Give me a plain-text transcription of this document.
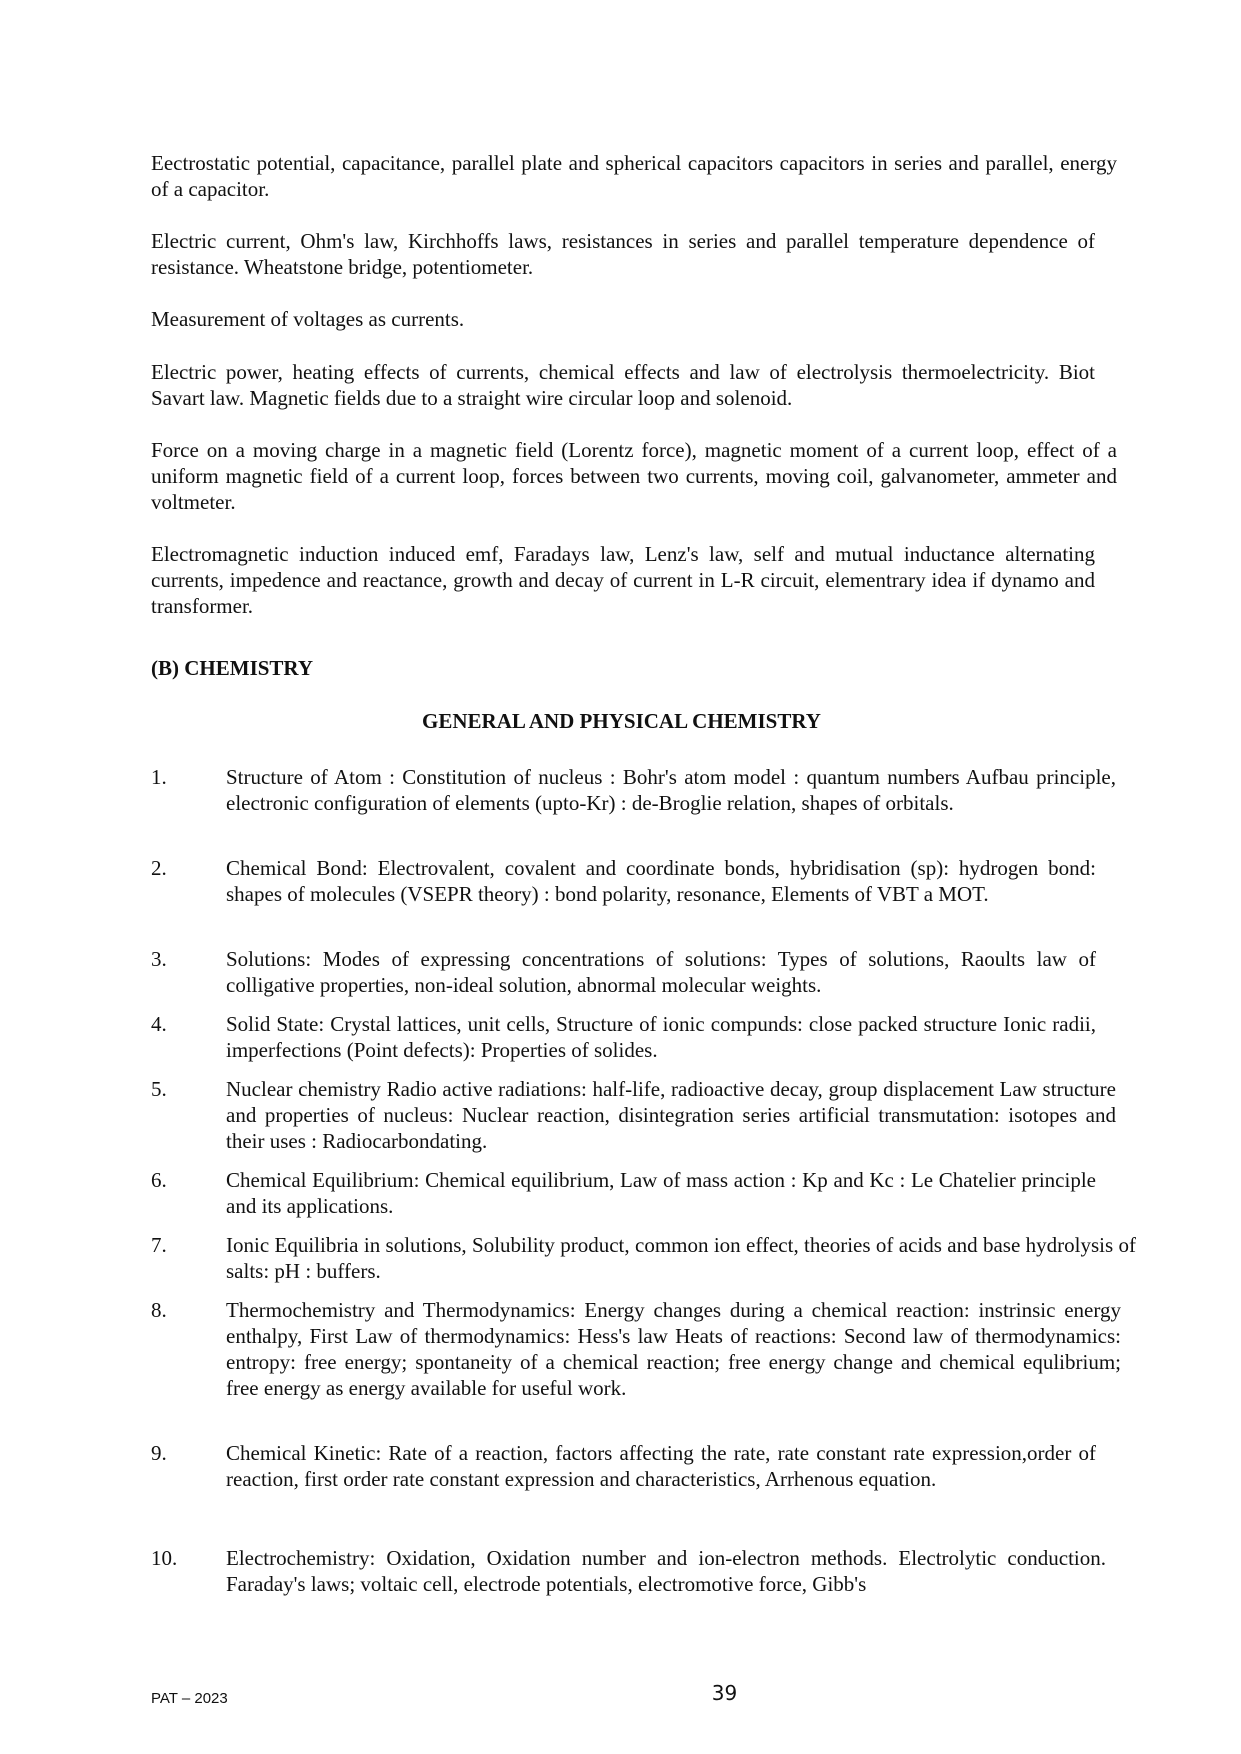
Eectrostatic potential, capacitance, parallel plate and spherical capacitors capacitors in series and parallel, energy of a capacitor.

Electric current, Ohm's law, Kirchhoffs laws, resistances in series and parallel temperature dependence of resistance. Wheatstone bridge, potentiometer.

Measurement of voltages as currents.

Electric power, heating effects of currents, chemical effects and law of electrolysis thermoelectricity. Biot Savart law. Magnetic fields due to a straight wire circular loop and solenoid.

Force on a moving charge in a magnetic field (Lorentz force), magnetic moment of a current loop, effect of a uniform magnetic field of a current loop, forces between two currents, moving coil, galvanometer, ammeter and voltmeter.

Electromagnetic induction induced emf, Faradays law, Lenz's law, self and mutual inductance alternating currents, impedence and reactance, growth and decay of current in L-R circuit, elementrary idea if dynamo and transformer.

(B) CHEMISTRY

GENERAL AND PHYSICAL CHEMISTRY

1.	Structure of Atom : Constitution of nucleus : Bohr's atom model : quantum numbers Aufbau principle, electronic configuration of elements (upto-Kr) : de-Broglie relation, shapes of orbitals.
2.	Chemical Bond: Electrovalent, covalent and coordinate bonds, hybridisation (sp): hydrogen bond: shapes of molecules (VSEPR theory) : bond polarity, resonance, Elements of VBT a MOT.
3.	Solutions: Modes of expressing concentrations of solutions: Types of solutions, Raoults law of colligative properties, non-ideal solution, abnormal molecular weights.
4.	Solid State: Crystal lattices, unit cells, Structure of ionic compunds: close packed structure Ionic radii, imperfections (Point defects): Properties of solides.
5.	Nuclear chemistry Radio active radiations: half-life, radioactive decay, group displacement Law structure and properties of nucleus: Nuclear reaction, disintegration series artificial transmutation: isotopes and their uses : Radiocarbondating.
6.	Chemical Equilibrium: Chemical equilibrium, Law of mass action : Kp and Kc : Le Chatelier principle and its applications.
7.	Ionic Equilibria in solutions, Solubility product, common ion effect, theories of acids and base hydrolysis of salts: pH : buffers.
8.	Thermochemistry and Thermodynamics: Energy changes during a chemical reaction: instrinsic energy enthalpy, First Law of thermodynamics: Hess's law Heats of reactions: Second law of thermodynamics: entropy: free energy; spontaneity of a chemical reaction; free energy change and chemical equlibrium; free energy as energy available for useful work.
9.	Chemical Kinetic: Rate of a reaction, factors affecting the rate, rate constant rate expression,order of reaction, first order rate constant expression and characteristics, Arrhenous equation.
10.	Electrochemistry: Oxidation, Oxidation number and ion-electron methods. Electrolytic conduction. Faraday's laws; voltaic cell, electrode potentials, electromotive force, Gibb's

PAT – 2023	39
